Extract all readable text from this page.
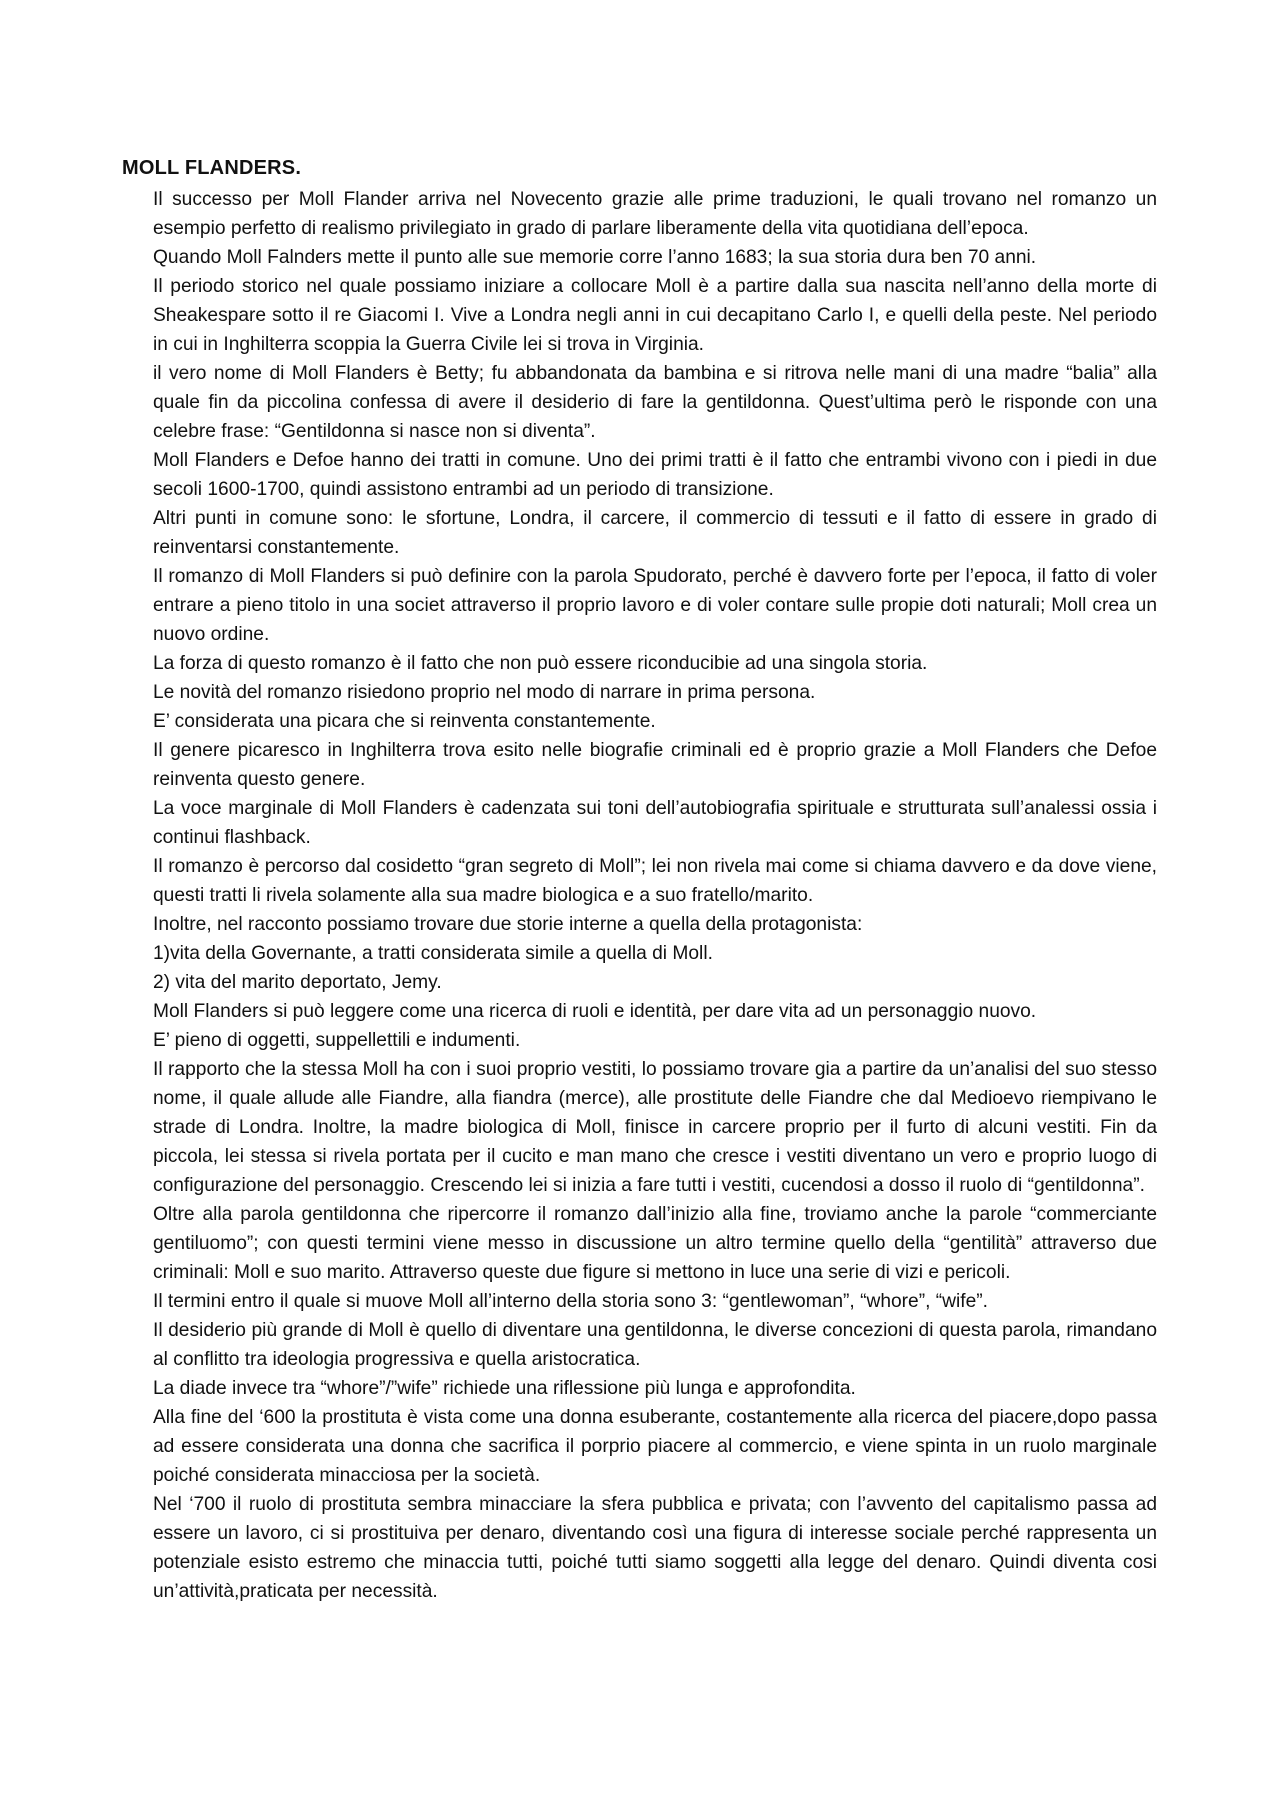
MOLL FLANDERS.

Il successo per Moll Flander arriva nel Novecento grazie alle prime traduzioni, le quali trovano nel romanzo un esempio perfetto di realismo privilegiato in grado di parlare liberamente della vita quotidiana dell’epoca.

Quando Moll Falnders mette il punto alle sue memorie corre l’anno 1683; la sua storia dura ben 70 anni.

Il periodo storico nel quale possiamo iniziare a collocare Moll è a partire dalla sua nascita nell’anno della morte di Sheakespare sotto il re Giacomi I. Vive a Londra negli anni in cui decapitano Carlo I, e quelli della peste. Nel periodo in cui in Inghilterra scoppia la Guerra Civile lei si trova in Virginia.

il vero nome di Moll Flanders è Betty; fu abbandonata da bambina e si ritrova nelle mani di una madre “balia” alla quale fin da piccolina confessa di avere il desiderio di fare la gentildonna. Quest’ultima però le risponde con una celebre frase: “Gentildonna si nasce non si diventa”.

Moll Flanders e Defoe hanno dei tratti in comune. Uno dei primi tratti è il fatto che entrambi vivono con i piedi in due secoli 1600-1700, quindi assistono entrambi ad un periodo di transizione.

Altri punti in comune sono: le sfortune, Londra, il carcere, il commercio di tessuti e il fatto di essere in grado di reinventarsi constantemente.

Il romanzo di Moll Flanders si può definire con la parola Spudorato, perché è davvero forte per l’epoca, il fatto di voler entrare a pieno titolo in una societ attraverso il proprio lavoro e di voler contare sulle propie doti naturali; Moll crea un nuovo ordine.

La forza di questo romanzo è il fatto che non può essere riconducibie ad una singola storia.

Le novità del romanzo risiedono proprio nel modo di narrare in prima persona.

E’ considerata una picara che si reinventa constantemente.

Il genere picaresco in Inghilterra trova esito nelle biografie criminali ed è proprio grazie a Moll Flanders che Defoe reinventa questo genere.

La voce marginale di Moll Flanders è cadenzata sui toni dell’autobiografia spirituale e strutturata sull’analessi ossia i continui flashback.

Il romanzo è percorso dal cosidetto “gran segreto di Moll”; lei non rivela mai come si chiama davvero e da dove viene, questi tratti li rivela solamente alla sua madre biologica e a suo fratello/marito.

Inoltre, nel racconto possiamo trovare due storie interne a quella della protagonista:

1)vita della Governante, a tratti considerata simile a quella di Moll.

2) vita del marito deportato, Jemy.

Moll Flanders si può leggere come una ricerca di ruoli e identità, per dare vita ad un personaggio nuovo.

E’ pieno di oggetti, suppellettili e indumenti.

Il rapporto che la stessa Moll ha con i suoi proprio vestiti, lo possiamo trovare gia a partire da un’analisi del suo stesso nome, il quale allude alle Fiandre, alla fiandra (merce), alle prostitute delle Fiandre che dal Medioevo riempivano le strade di Londra. Inoltre, la madre biologica di Moll, finisce in carcere proprio per il furto di alcuni vestiti. Fin da piccola, lei stessa si rivela portata per il cucito e man mano che cresce i vestiti diventano un vero e proprio luogo di configurazione del personaggio. Crescendo lei si inizia a fare tutti i vestiti, cucendosi a dosso il ruolo di “gentildonna”.

Oltre alla parola gentildonna che ripercorre il romanzo dall’inizio alla fine, troviamo anche la parole “commerciante gentiluomo”; con questi termini viene messo in discussione un altro termine quello della “gentilità” attraverso due criminali: Moll e suo marito. Attraverso queste due figure si mettono in luce una serie di vizi e pericoli.

Il termini entro il quale si muove Moll all’interno della storia sono 3: “gentlewoman”, “whore”, “wife”.

Il desiderio più grande di Moll è quello di diventare una gentildonna, le diverse concezioni di questa parola, rimandano al conflitto tra ideologia progressiva e quella aristocratica.

La diade invece tra “whore”/”wife” richiede una riflessione più lunga e approfondita.

Alla fine del ‘600 la prostituta è vista come una donna esuberante, costantemente alla ricerca del piacere,dopo passa ad essere considerata una donna che sacrifica il porprio piacere al commercio, e viene spinta in un ruolo marginale poiché considerata minacciosa per la società.

Nel ‘700 il ruolo di prostituta sembra minacciare la sfera pubblica e privata; con l’avvento del capitalismo passa ad essere un lavoro, ci si prostituiva per denaro, diventando così una figura di interesse sociale perché rappresenta un potenziale esisto estremo che minaccia tutti, poiché tutti siamo soggetti alla legge del denaro. Quindi diventa cosi un’attività,praticata per necessità.
